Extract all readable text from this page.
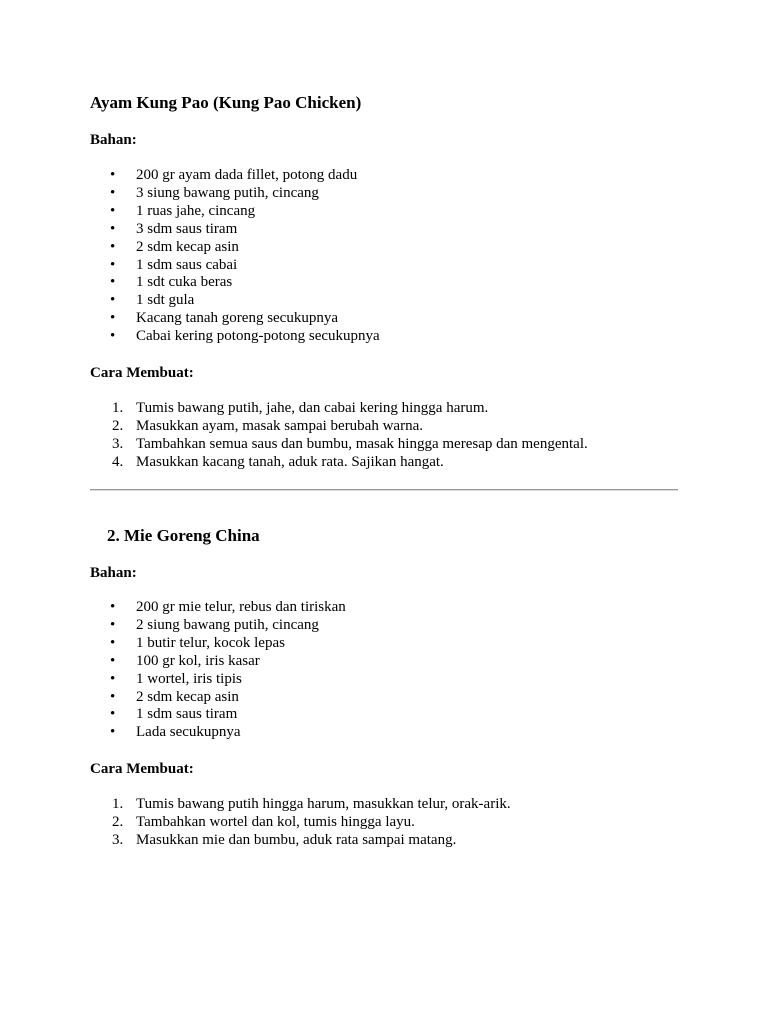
Ayam Kung Pao (Kung Pao Chicken)

Bahan:

• 200 gr ayam dada fillet, potong dadu
• 3 siung bawang putih, cincang
• 1 ruas jahe, cincang
• 3 sdm saus tiram
• 2 sdm kecap asin
• 1 sdm saus cabai
• 1 sdt cuka beras
• 1 sdt gula
• Kacang tanah goreng secukupnya
• Cabai kering potong-potong secukupnya

Cara Membuat:

1. Tumis bawang putih, jahe, dan cabai kering hingga harum.
2. Masukkan ayam, masak sampai berubah warna.
3. Tambahkan semua saus dan bumbu, masak hingga meresap dan mengental.
4. Masukkan kacang tanah, aduk rata. Sajikan hangat.
2. Mie Goreng China

Bahan:

• 200 gr mie telur, rebus dan tiriskan
• 2 siung bawang putih, cincang
• 1 butir telur, kocok lepas
• 100 gr kol, iris kasar
• 1 wortel, iris tipis
• 2 sdm kecap asin
• 1 sdm saus tiram
• Lada secukupnya

Cara Membuat:

1. Tumis bawang putih hingga harum, masukkan telur, orak-arik.
2. Tambahkan wortel dan kol, tumis hingga layu.
3. Masukkan mie dan bumbu, aduk rata sampai matang.
